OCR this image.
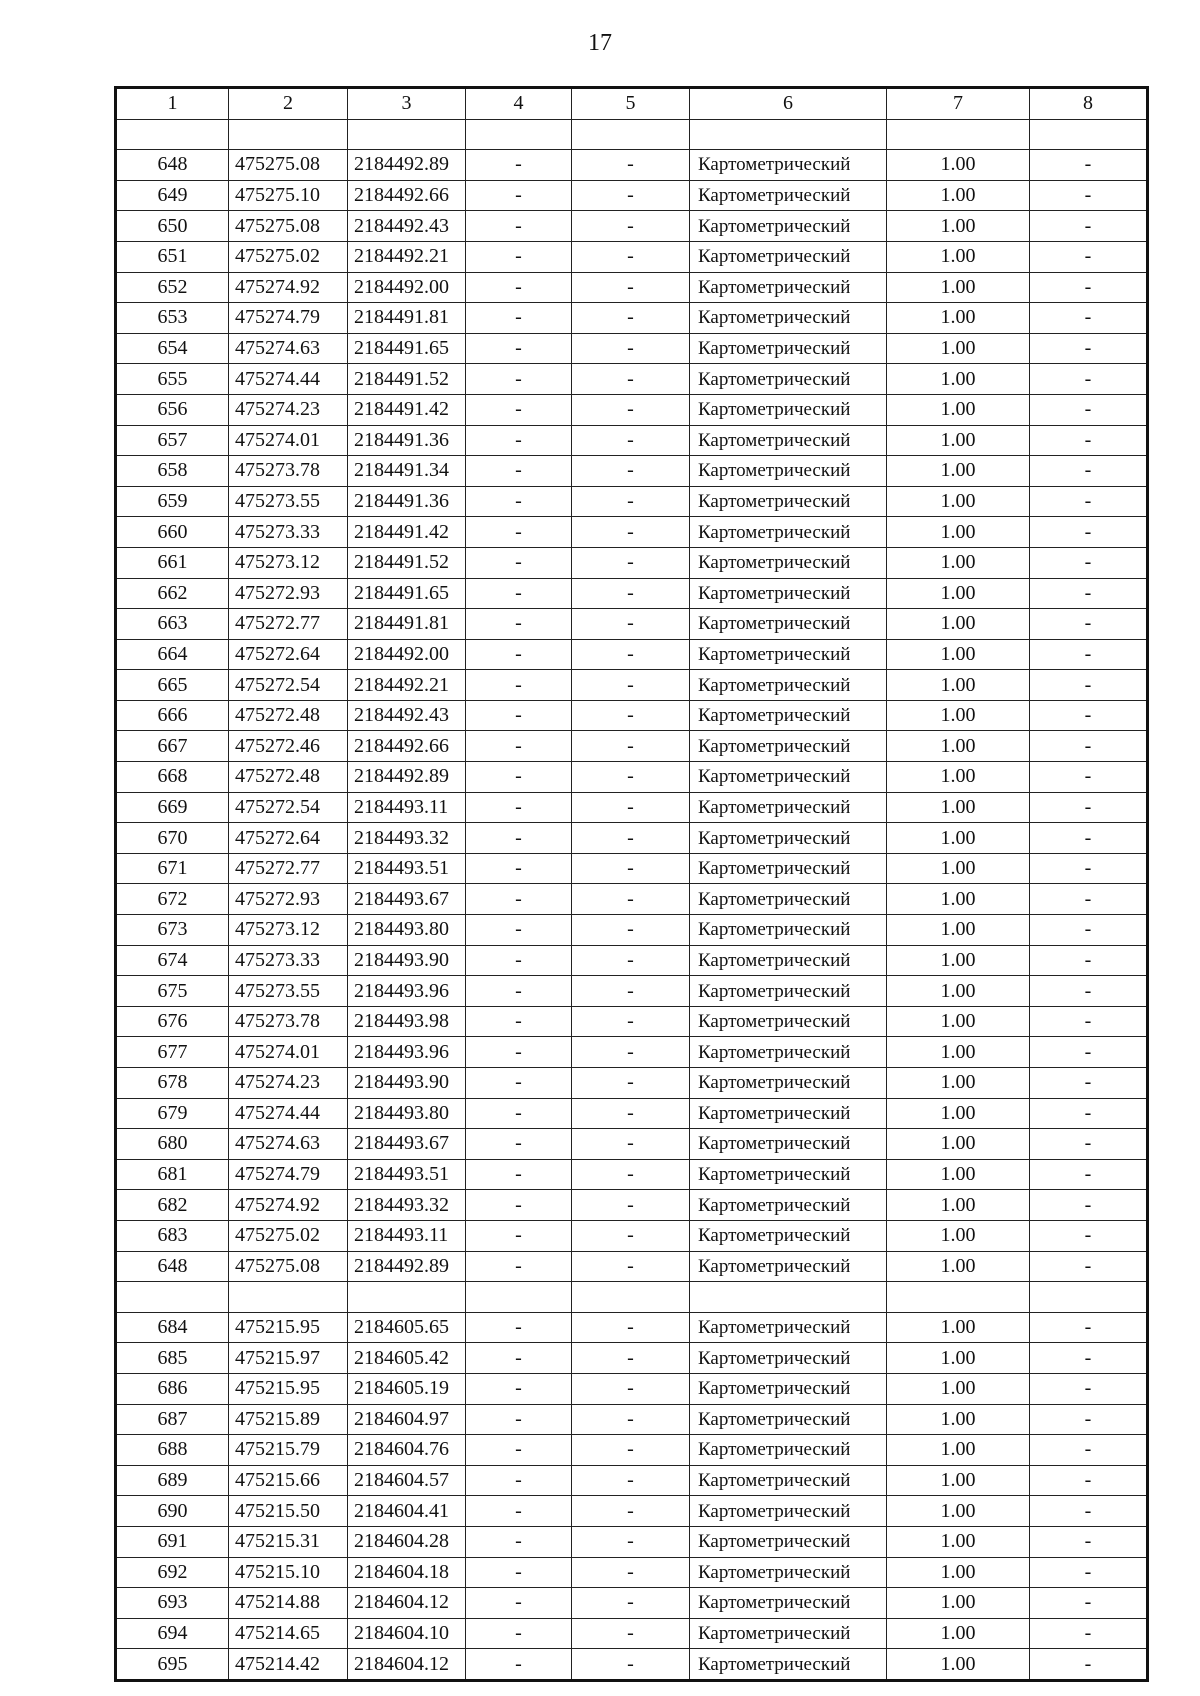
17
1	2	3	4	5	6	7	8

648	475275.08	2184492.89	-	-	Картометрический	1.00	-
649	475275.10	2184492.66	-	-	Картометрический	1.00	-
650	475275.08	2184492.43	-	-	Картометрический	1.00	-
651	475275.02	2184492.21	-	-	Картометрический	1.00	-
652	475274.92	2184492.00	-	-	Картометрический	1.00	-
653	475274.79	2184491.81	-	-	Картометрический	1.00	-
654	475274.63	2184491.65	-	-	Картометрический	1.00	-
655	475274.44	2184491.52	-	-	Картометрический	1.00	-
656	475274.23	2184491.42	-	-	Картометрический	1.00	-
657	475274.01	2184491.36	-	-	Картометрический	1.00	-
658	475273.78	2184491.34	-	-	Картометрический	1.00	-
659	475273.55	2184491.36	-	-	Картометрический	1.00	-
660	475273.33	2184491.42	-	-	Картометрический	1.00	-
661	475273.12	2184491.52	-	-	Картометрический	1.00	-
662	475272.93	2184491.65	-	-	Картометрический	1.00	-
663	475272.77	2184491.81	-	-	Картометрический	1.00	-
664	475272.64	2184492.00	-	-	Картометрический	1.00	-
665	475272.54	2184492.21	-	-	Картометрический	1.00	-
666	475272.48	2184492.43	-	-	Картометрический	1.00	-
667	475272.46	2184492.66	-	-	Картометрический	1.00	-
668	475272.48	2184492.89	-	-	Картометрический	1.00	-
669	475272.54	2184493.11	-	-	Картометрический	1.00	-
670	475272.64	2184493.32	-	-	Картометрический	1.00	-
671	475272.77	2184493.51	-	-	Картометрический	1.00	-
672	475272.93	2184493.67	-	-	Картометрический	1.00	-
673	475273.12	2184493.80	-	-	Картометрический	1.00	-
674	475273.33	2184493.90	-	-	Картометрический	1.00	-
675	475273.55	2184493.96	-	-	Картометрический	1.00	-
676	475273.78	2184493.98	-	-	Картометрический	1.00	-
677	475274.01	2184493.96	-	-	Картометрический	1.00	-
678	475274.23	2184493.90	-	-	Картометрический	1.00	-
679	475274.44	2184493.80	-	-	Картометрический	1.00	-
680	475274.63	2184493.67	-	-	Картометрический	1.00	-
681	475274.79	2184493.51	-	-	Картометрический	1.00	-
682	475274.92	2184493.32	-	-	Картометрический	1.00	-
683	475275.02	2184493.11	-	-	Картометрический	1.00	-
648	475275.08	2184492.89	-	-	Картометрический	1.00	-

684	475215.95	2184605.65	-	-	Картометрический	1.00	-
685	475215.97	2184605.42	-	-	Картометрический	1.00	-
686	475215.95	2184605.19	-	-	Картометрический	1.00	-
687	475215.89	2184604.97	-	-	Картометрический	1.00	-
688	475215.79	2184604.76	-	-	Картометрический	1.00	-
689	475215.66	2184604.57	-	-	Картометрический	1.00	-
690	475215.50	2184604.41	-	-	Картометрический	1.00	-
691	475215.31	2184604.28	-	-	Картометрический	1.00	-
692	475215.10	2184604.18	-	-	Картометрический	1.00	-
693	475214.88	2184604.12	-	-	Картометрический	1.00	-
694	475214.65	2184604.10	-	-	Картометрический	1.00	-
695	475214.42	2184604.12	-	-	Картометрический	1.00	-
